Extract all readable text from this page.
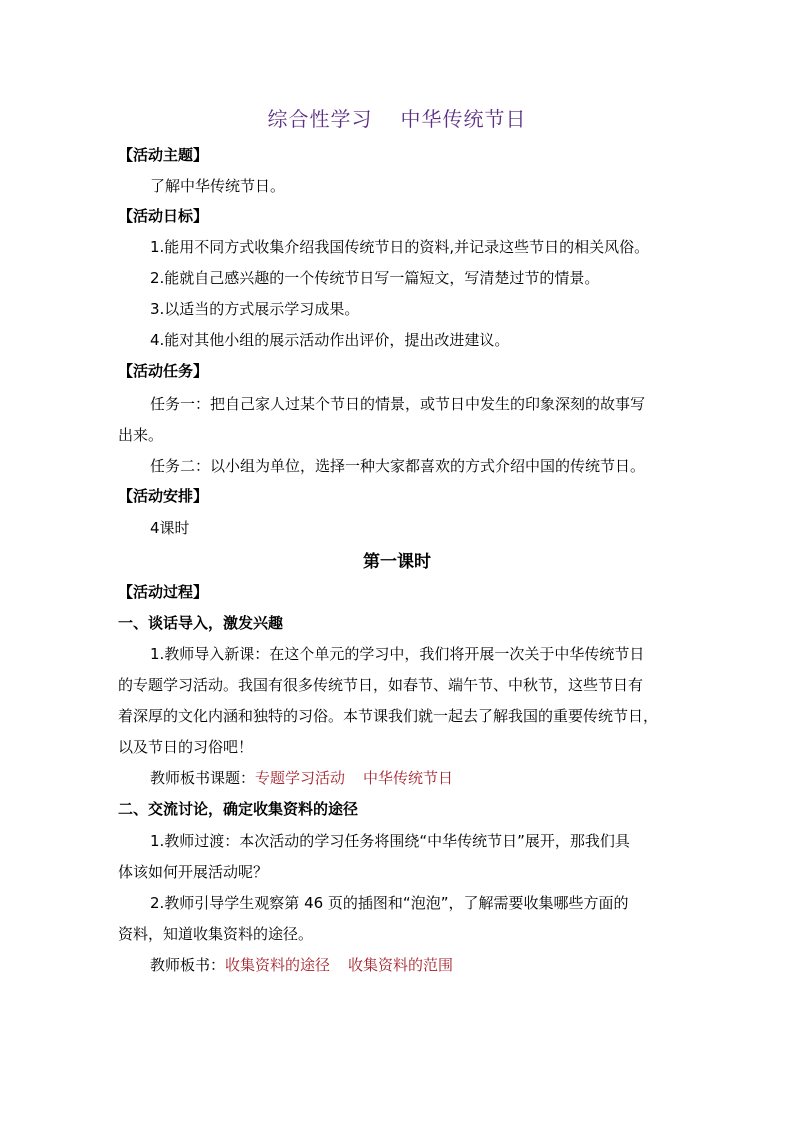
综合性学习 中华传统节日
【活动主题】
了解中华传统节日。
【活动日标】
1.能用不同方式收集介绍我国传统节日的资料,并记录这些节日的相关风俗。
2.能就自己感兴趣的一个传统节日写一篇短文，写清楚过节的情景。
3.以适当的方式展示学习成果。
4.能对其他小组的展示活动作出评价，提出改进建议。
【活动任务】
任务一：把自己家人过某个节日的情景，或节日中发生的印象深刻的故事写
出来。
任务二：以小组为单位，选择一种大家都喜欢的方式介绍中国的传统节日。
【活动安排】
4课时
第一课时
【活动过程】
一、谈话导入，激发兴趣
1.教师导入新课：在这个单元的学习中，我们将开展一次关于中华传统节日
的专题学习活动。我国有很多传统节日，如春节、端午节、中秋节，这些节日有
着深厚的文化内涵和独特的习俗。本节课我们就一起去了解我国的重要传统节日，
以及节日的习俗吧！
教师板书课题：专题学习活动 中华传统节日
二、交流讨论，确定收集资料的途径
1.教师过渡：本次活动的学习任务将围绕“中华传统节日”展开，那我们具
体该如何开展活动呢？
2.教师引导学生观察第 46 页的插图和“泡泡”，了解需要收集哪些方面的
资料，知道收集资料的途径。
教师板书：收集资料的途径 收集资料的范围
